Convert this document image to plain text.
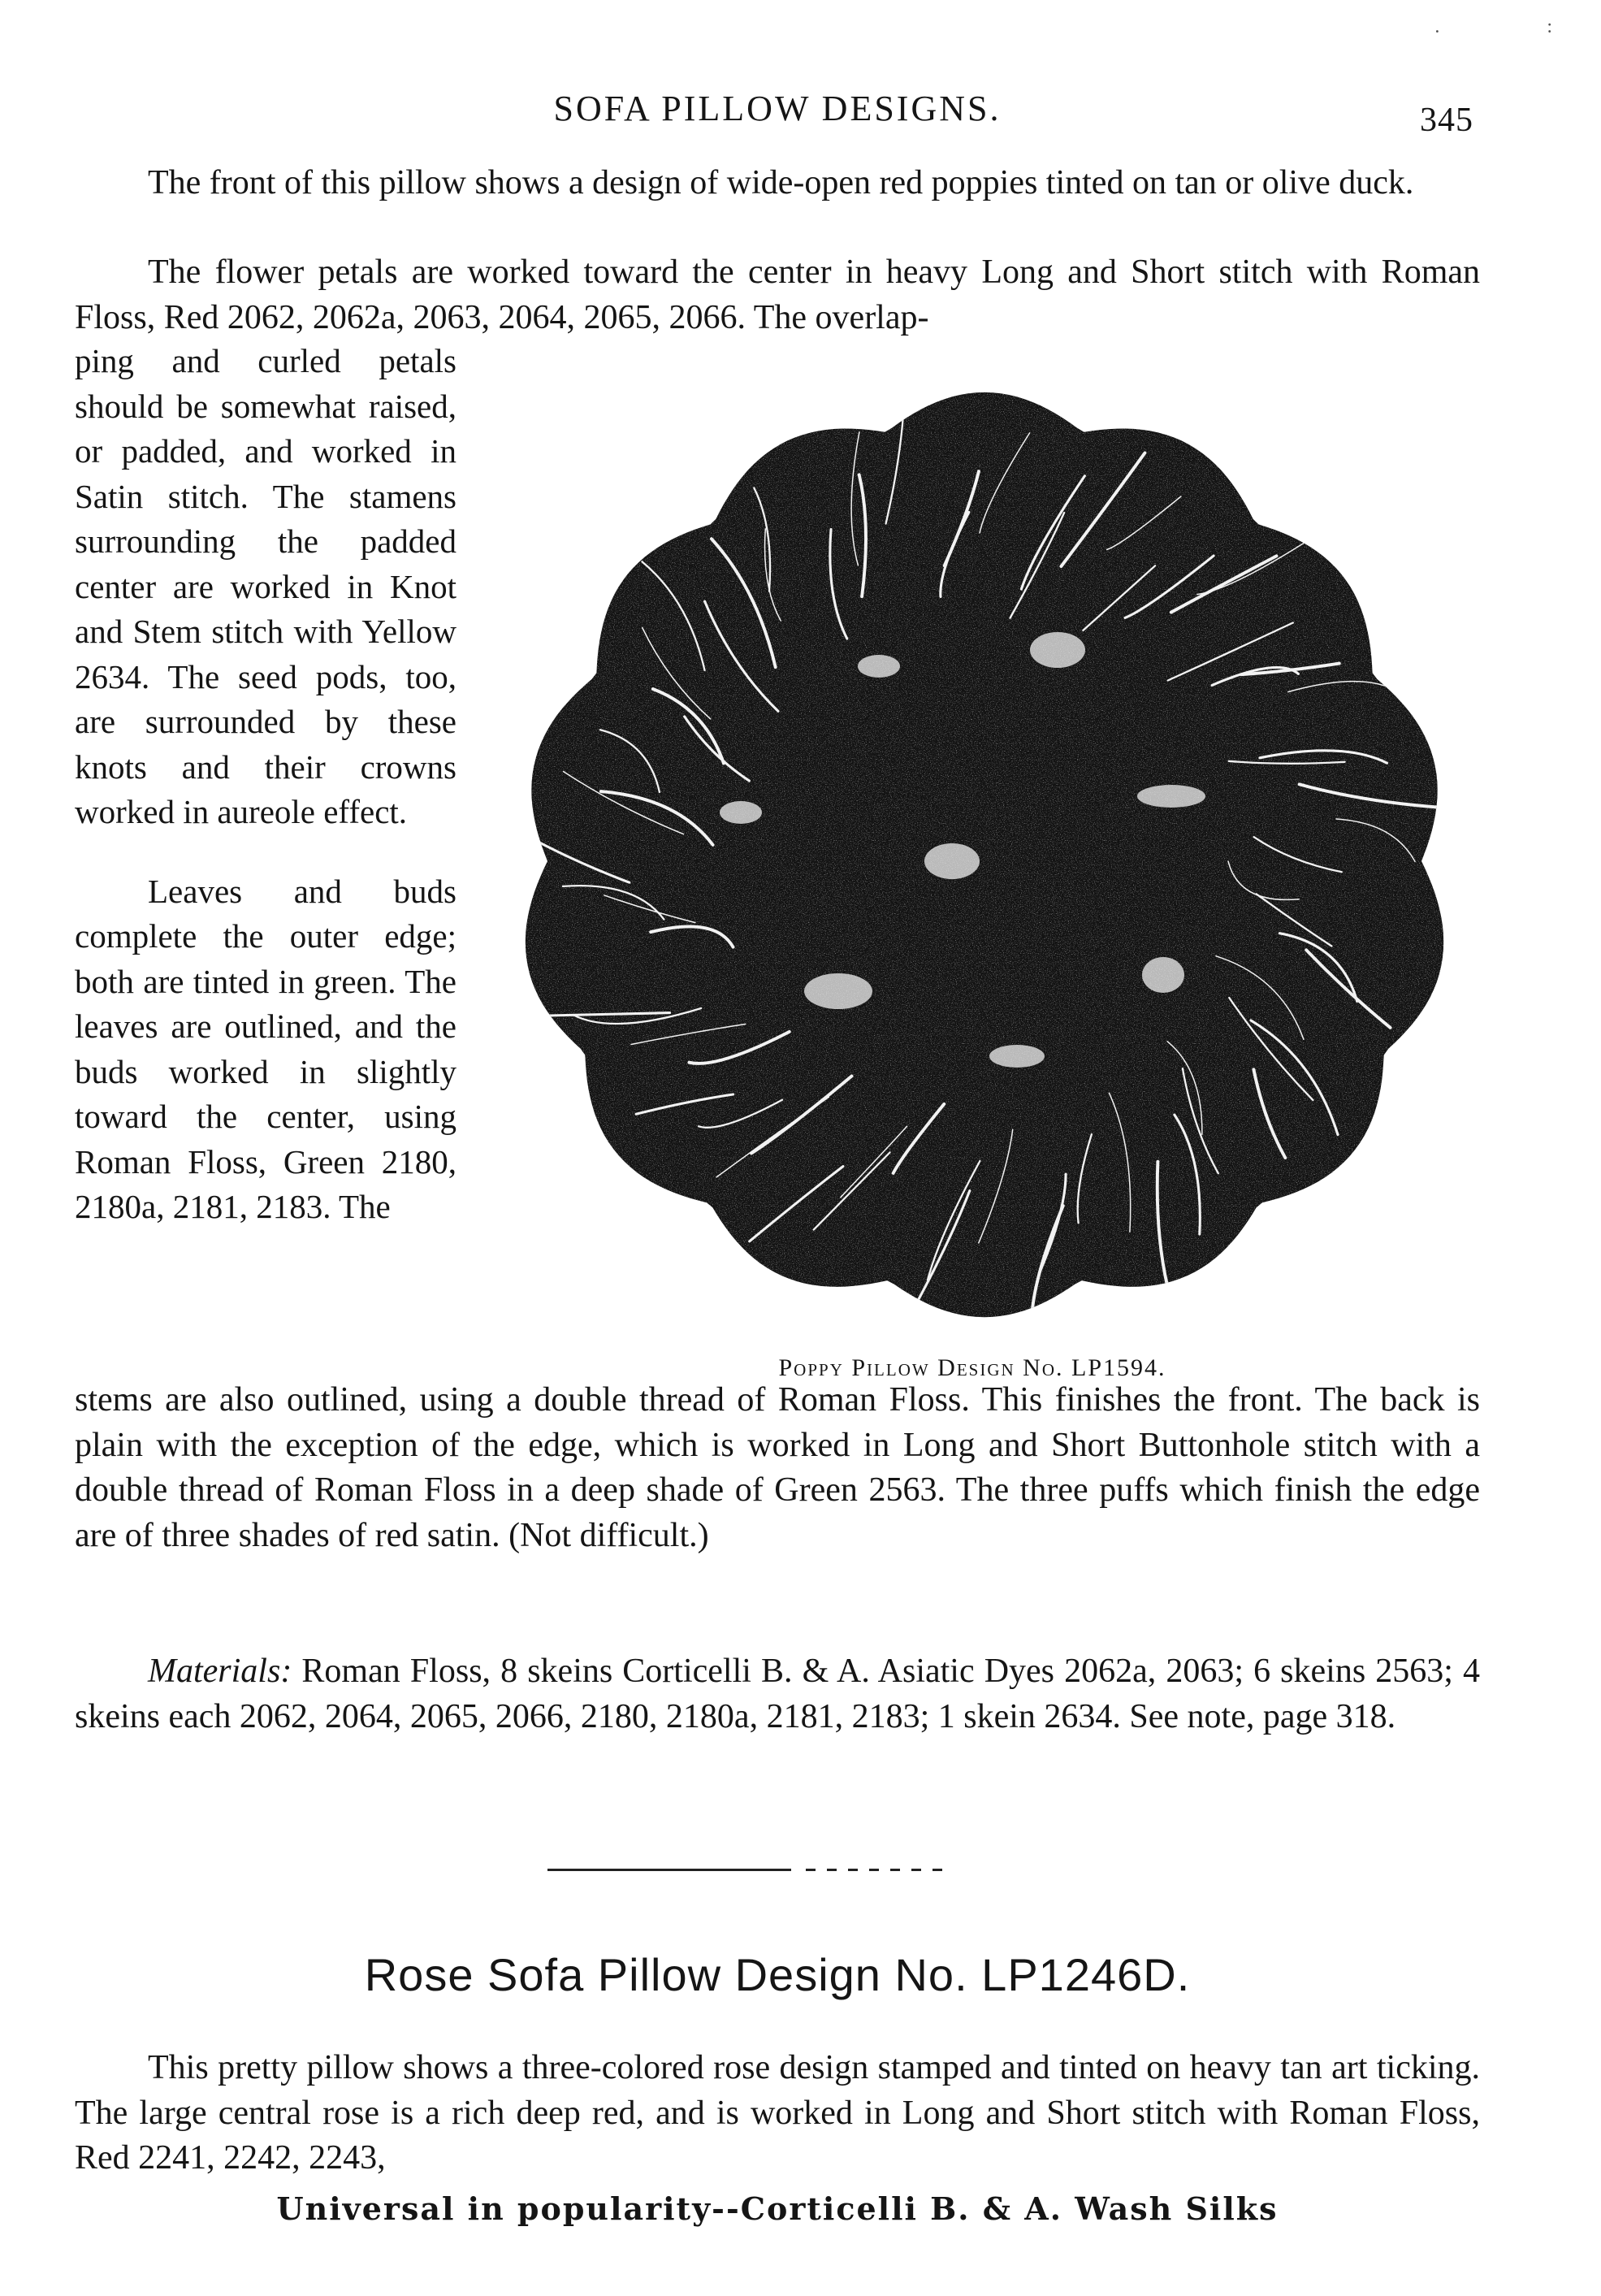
.                      :
SOFA PILLOW DESIGNS.	345

The front of this pillow shows a design of wide-open red poppies tinted on tan or olive duck.

The flower petals are worked toward the center in heavy Long and Short stitch with Roman Floss, Red 2062, 2062a, 2063, 2064, 2065, 2066. The overlap-

ping and curled petals should be somewhat raised, or padded, and worked in Satin stitch. The stamens surrounding the padded center are worked in Knot and Stem stitch with Yellow 2634. The seed pods, too, are surrounded by these knots and their crowns worked in aureole effect.

Leaves and buds complete the outer edge; both are tinted in green. The leaves are outlined, and the buds worked in slightly toward the center, using Roman Floss, Green 2180, 2180a, 2181, 2183. The

Poppy Pillow Design No. LP1594.

stems are also outlined, using a double thread of Roman Floss. This finishes the front. The back is plain with the exception of the edge, which is worked in Long and Short Buttonhole stitch with a double thread of Roman Floss in a deep shade of Green 2563. The three puffs which finish the edge are of three shades of red satin. (Not difficult.)

Materials: Roman Floss, 8 skeins Corticelli B. & A. Asiatic Dyes 2062a, 2063; 6 skeins 2563; 4 skeins each 2062, 2064, 2065, 2066, 2180, 2180a, 2181, 2183; 1 skein 2634. See note, page 318.

Rose Sofa Pillow Design No. LP1246D.

This pretty pillow shows a three-colored rose design stamped and tinted on heavy tan art ticking. The large central rose is a rich deep red, and is worked in Long and Short stitch with Roman Floss, Red 2241, 2242, 2243,

Universal in popularity--Corticelli B. & A. Wash Silks
